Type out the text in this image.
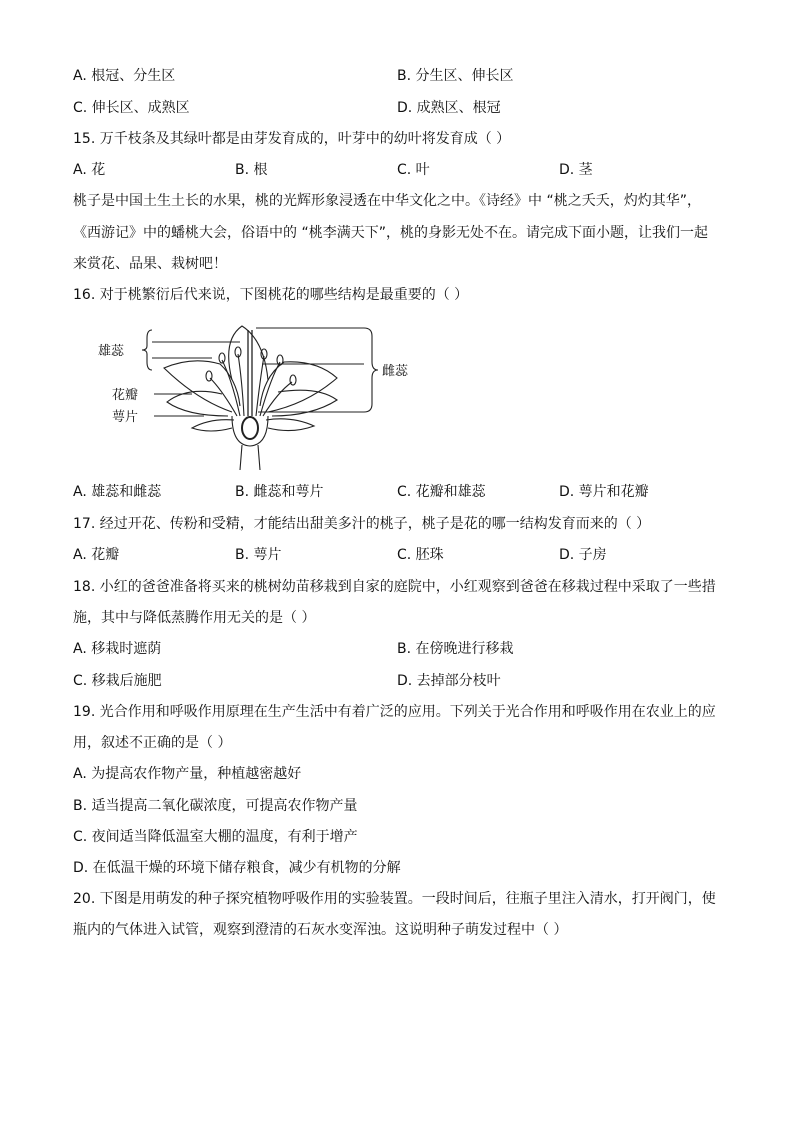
A. 根冠、分生区	B. 分生区、伸长区
C. 伸长区、成熟区	D. 成熟区、根冠
15. 万千枝条及其绿叶都是由芽发育成的，叶芽中的幼叶将发育成（ ）
A. 花	B. 根	C. 叶	D. 茎
桃子是中国土生土长的水果，桃的光辉形象浸透在中华文化之中。《诗经》中 “桃之夭夭，灼灼其华”，
《西游记》中的蟠桃大会，俗语中的 “桃李满天下”，桃的身影无处不在。请完成下面小题，让我们一起
来赏花、品果、栽树吧！
16. 对于桃繁衍后代来说，下图桃花的哪些结构是最重要的（ ）
雄蕊
花瓣
萼片
雌蕊
A. 雄蕊和雌蕊	B. 雌蕊和萼片	C. 花瓣和雄蕊	D. 萼片和花瓣
17. 经过开花、传粉和受精，才能结出甜美多汁的桃子，桃子是花的哪一结构发育而来的（ ）
A. 花瓣	B. 萼片	C. 胚珠	D. 子房
18. 小红的爸爸准备将买来的桃树幼苗移栽到自家的庭院中，小红观察到爸爸在移栽过程中采取了一些措
施，其中与降低蒸腾作用无关的是（ ）
A. 移栽时遮荫	B. 在傍晚进行移栽
C. 移栽后施肥	D. 去掉部分枝叶
19. 光合作用和呼吸作用原理在生产生活中有着广泛的应用。下列关于光合作用和呼吸作用在农业上的应
用，叙述不正确的是（ ）
A. 为提高农作物产量，种植越密越好
B. 适当提高二氧化碳浓度，可提高农作物产量
C. 夜间适当降低温室大棚的温度，有利于增产
D. 在低温干燥的环境下储存粮食，减少有机物的分解
20. 下图是用萌发的种子探究植物呼吸作用的实验装置。一段时间后，往瓶子里注入清水，打开阀门，使
瓶内的气体进入试管，观察到澄清的石灰水变浑浊。这说明种子萌发过程中（ ）
